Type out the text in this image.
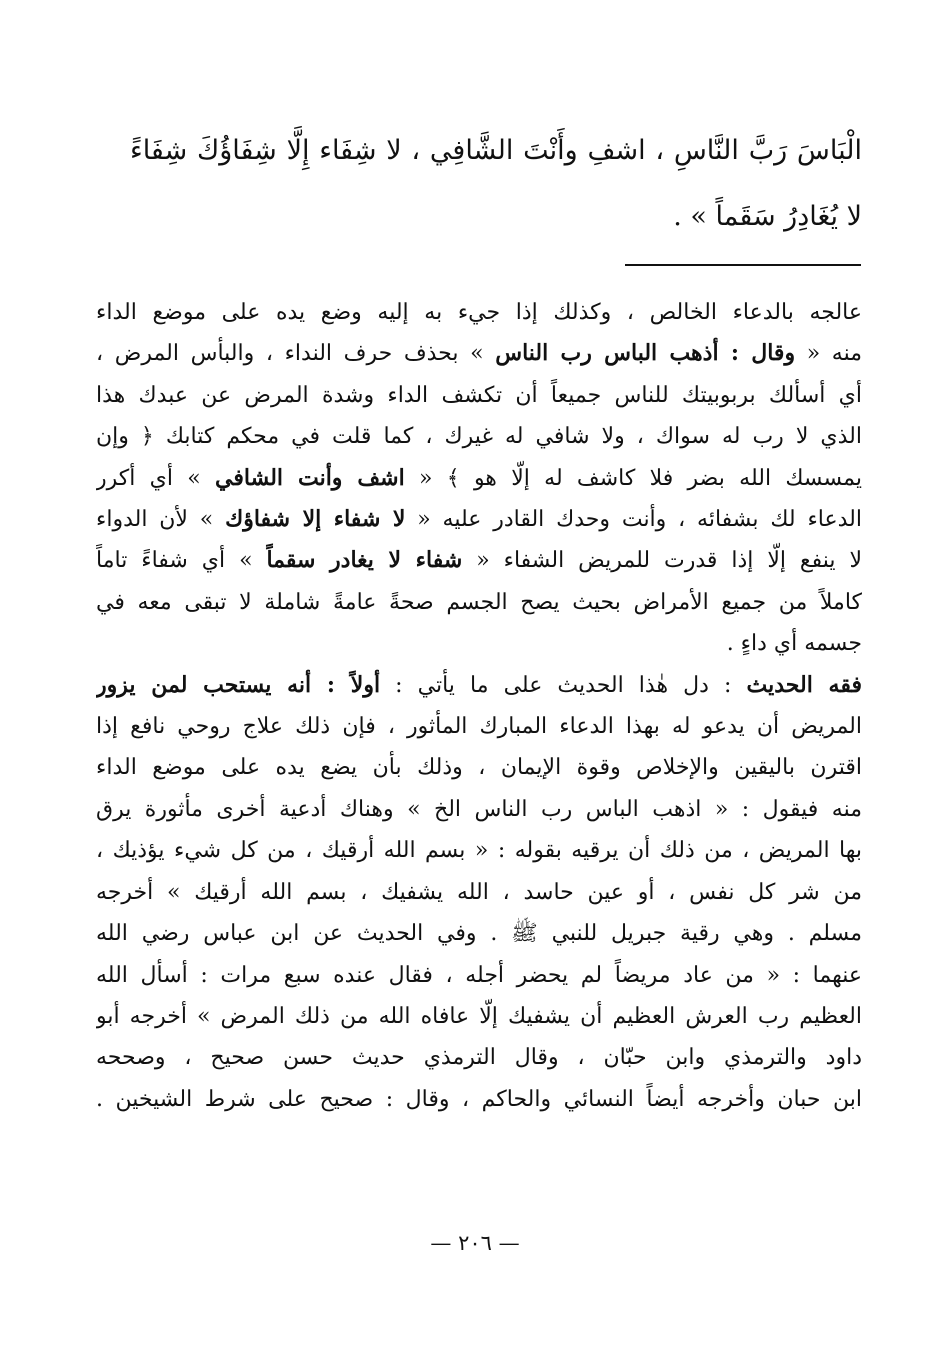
الْبَاسَ رَبَّ النَّاسِ ، اشفِ وأَنْتَ الشَّافِي ، لا شِفَاء إِلَّا شِفَاؤُكَ شِفَاءً
لا يُغَادِرُ سَقَماً » .
عالجه بالدعاء الخالص ، وكذلك إذا جيء به إليه وضع يده على موضع الداء
منه « وقال : أذهب الباس رب الناس » بحذف حرف النداء ، والبأس المرض ،
أي أسألك بربوبيتك للناس جميعاً أن تكشف الداء وشدة المرض عن عبدك هذا
الذي لا رب له سواك ، ولا شافي له غيرك ، كما قلت في محكم كتابك ﴿ وإن
يمسسك الله بضر فلا كاشف له إلّا هو ﴾ « اشف وأنت الشافي » أي أكرر
الدعاء لك بشفائه ، وأنت وحدك القادر عليه « لا شفاء إلا شفاؤك » لأن الدواء
لا ينفع إلّا إذا قدرت للمريض الشفاء « شفاء لا يغادر سقماً » أي شفاءً تاماً
كاملاً من جميع الأمراض بحيث يصح الجسم صحةً عامةً شاملة لا تبقى معه في
جسمه أي داءٍ .
فقه الحديث : دل هٰذا الحديث على ما يأتي : أولاً : أنه يستحب لمن يزور
المريض أن يدعو له بهذا الدعاء المبارك المأثور ، فإن ذلك علاج روحي نافع إذا
اقترن باليقين والإخلاص وقوة الإيمان ، وذلك بأن يضع يده على موضع الداء
منه فيقول : « اذهب الباس رب الناس الخ » وهناك أدعية أخرى مأثورة يرق
بها المريض ، من ذلك أن يرقيه بقوله : « بسم الله أرقيك ، من كل شيء يؤذيك ،
من شر كل نفس ، أو عين حاسد ، الله يشفيك ، بسم الله أرقيك » أخرجه
مسلم . وهي رقية جبريل للنبي ﷺ . وفي الحديث عن ابن عباس رضي الله
عنهما : « من عاد مريضاً لم يحضر أجله ، فقال عنده سبع مرات : أسأل الله
العظيم رب العرش العظيم أن يشفيك إلّا عافاه الله من ذلك المرض » أخرجه أبو
داود والترمذي وابن حبّان ، وقال الترمذي حديث حسن صحيح ، وصححه
ابن حبان وأخرجه أيضاً النسائي والحاكم ، وقال : صحيح على شرط الشيخين .
— ٢٠٦ —
